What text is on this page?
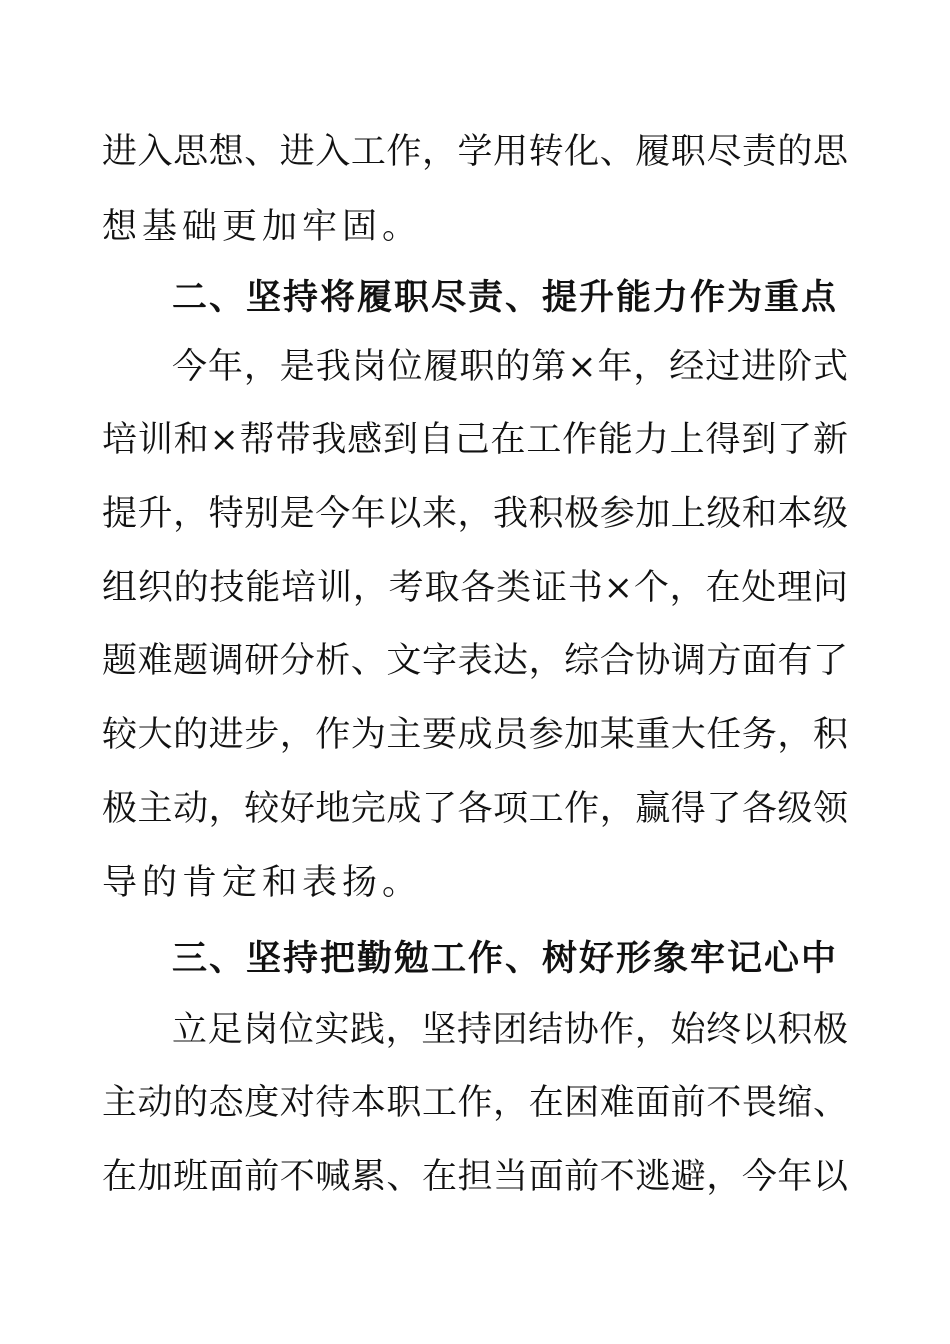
进入思想、进入工作，学用转化、履职尽责的思
想基础更加牢固。
二、坚持将履职尽责、提升能力作为重点
今年，是我岗位履职的第×年，经过进阶式
培训和×帮带我感到自己在工作能力上得到了新
提升，特别是今年以来，我积极参加上级和本级
组织的技能培训，考取各类证书×个，在处理问
题难题调研分析、文字表达，综合协调方面有了
较大的进步，作为主要成员参加某重大任务，积
极主动，较好地完成了各项工作，赢得了各级领
导的肯定和表扬。
三、坚持把勤勉工作、树好形象牢记心中
立足岗位实践，坚持团结协作，始终以积极
主动的态度对待本职工作，在困难面前不畏缩、
在加班面前不喊累、在担当面前不逃避，今年以
